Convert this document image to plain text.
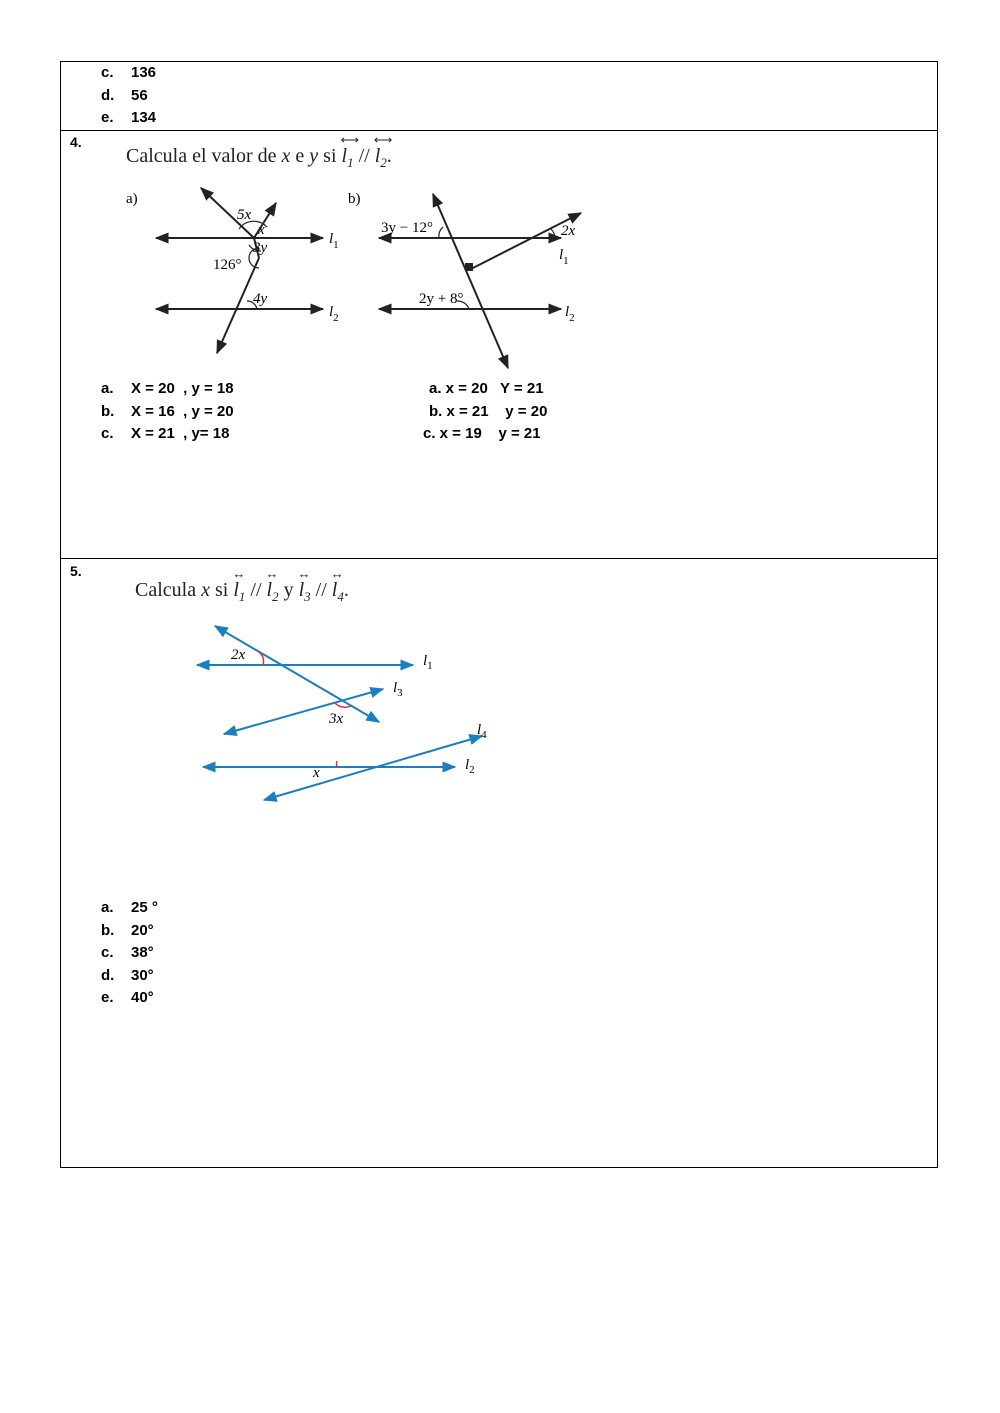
c. 136
d. 56
e. 134
4.
Calcula el valor de x e y si
⟷
$l_1$ //
⟷
$l_2$.
a)
5x
x
3y
126°
4y
$l_1$
$l_2$
b)
3y − 12°	2x
2y + 8°
$l_1$
$l_2$
a. X = 20  , y = 18
b. X = 16  , y = 20
c. X = 21  , y= 18
a. x = 20   Y = 21
b. x = 21    y = 20
c. x = 19    y = 21
5.
Calcula x si
↔
$l_1$ //
↔
$l_2$ y
↔
$l_3$ //
↔
$l_4$.
2x
3x
x
$l_1$
$l_3$
$l_4$
$l_2$
a. 25 °
b. 20°
c. 38°
d. 30°
e. 40°
